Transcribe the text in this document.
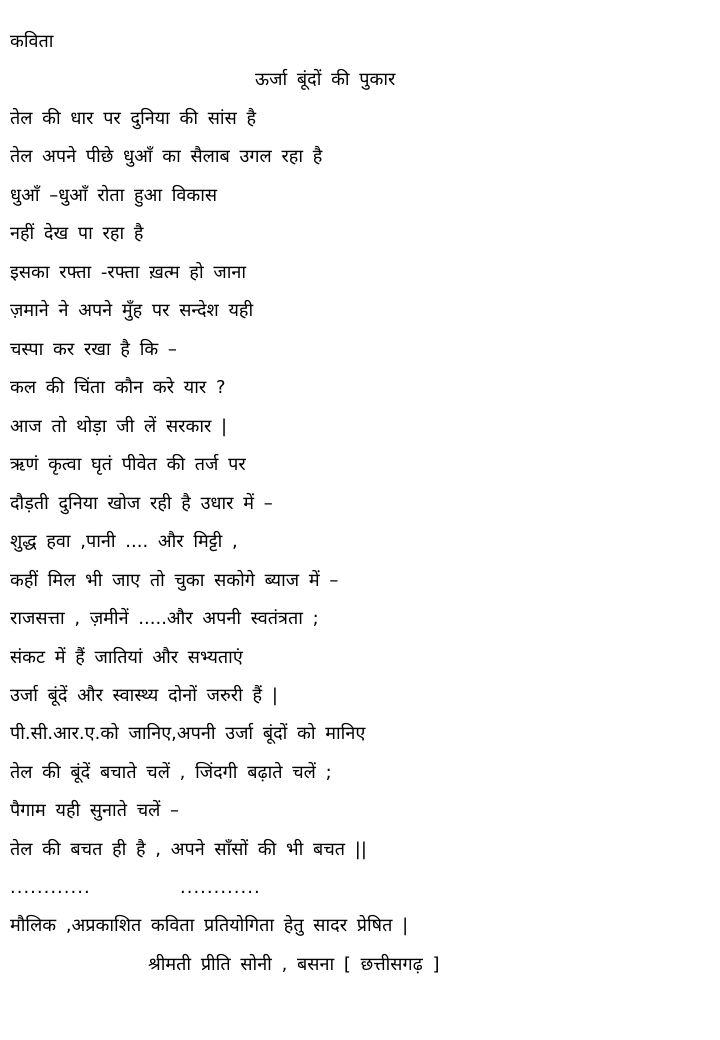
कविता
ऊर्जा बूंदों की पुकार
तेल की धार पर दुनिया की सांस है
तेल अपने पीछे धुआँ का सैलाब उगल रहा है
धुआँ –धुआँ रोता हुआ विकास
नहीं देख पा रहा है
इसका रफ्ता -रफ्ता ख़त्म हो जाना
ज़माने ने अपने मुँह पर सन्देश यही
चस्पा कर रखा है कि –
कल की चिंता कौन करे यार ?
आज तो थोड़ा जी लें सरकार |
ऋणं कृत्वा घृतं पीवेत की तर्ज पर
दौड़ती दुनिया खोज रही है उधार में –
शुद्ध हवा ,पानी .... और मिट्टी ,
कहीं मिल भी जाए तो चुका सकोगे ब्याज में –
राजसत्ता , ज़मीनें .....और अपनी स्वतंत्रता ;
संकट में हैं जातियां और सभ्यताएं
उर्जा बूंदें और स्वास्थ्य दोनों जरुरी हैं |
पी.सी.आर.ए.को जानिए,अपनी उर्जा बूंदों को मानिए
तेल की बूंदें बचाते चलें , जिंदगी बढ़ाते चलें ;
पैगाम यही सुनाते चलें –
तेल की बचत ही है , अपने साँसों की भी बचत ||
............	............
मौलिक ,अप्रकाशित कविता प्रतियोगिता हेतु सादर प्रेषित |
श्रीमती प्रीति सोनी , बसना [ छत्तीसगढ़ ]
